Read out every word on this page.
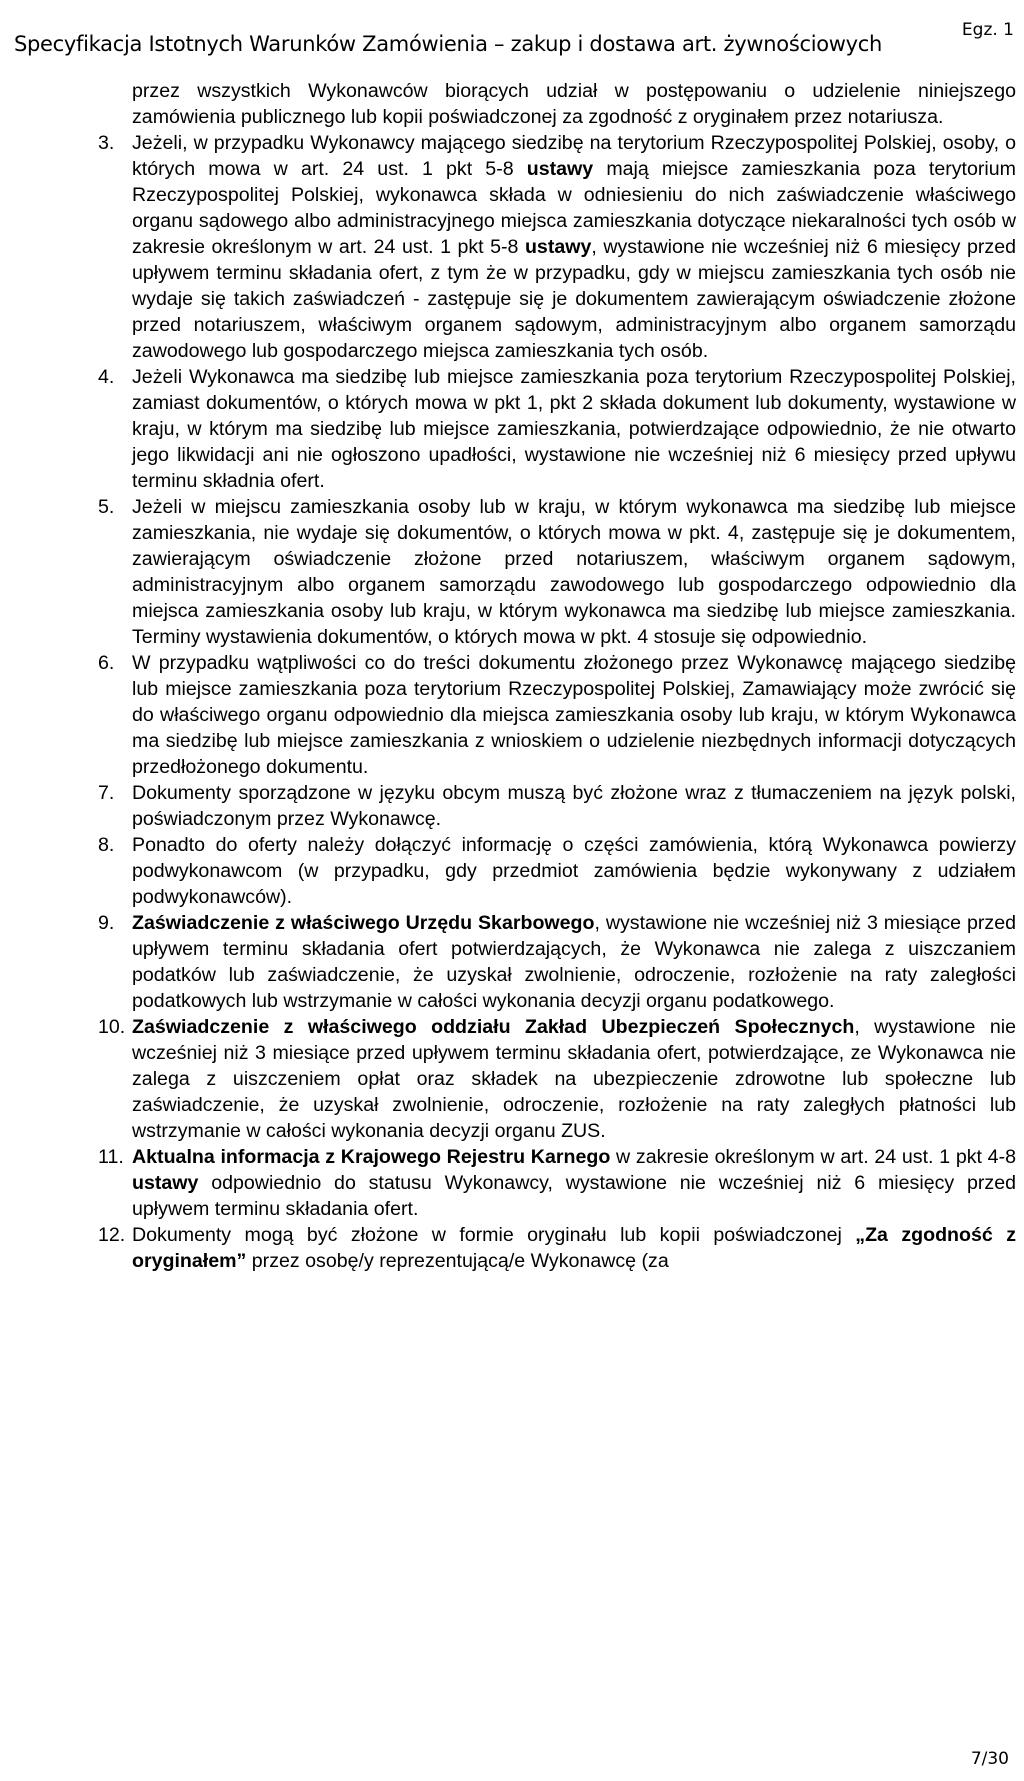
Specyfikacja Istotnych Warunków Zamówienia – zakup i dostawa art. żywnościowych
Egz. 1

przez wszystkich Wykonawców biorących udział w postępowaniu o udzielenie niniejszego zamówienia publicznego lub kopii poświadczonej za zgodność z oryginałem przez notariusza.

3. Jeżeli, w przypadku Wykonawcy mającego siedzibę na terytorium Rzeczypospolitej Polskiej, osoby, o których mowa w art. 24 ust. 1 pkt 5-8 ustawy mają miejsce zamieszkania poza terytorium Rzeczypospolitej Polskiej, wykonawca składa w odniesieniu do nich zaświadczenie właściwego organu sądowego albo administracyjnego miejsca zamieszkania dotyczące niekaralności tych osób w zakresie określonym w art. 24 ust. 1 pkt 5-8 ustawy, wystawione nie wcześniej niż 6 miesięcy przed upływem terminu składania ofert, z tym że w przypadku, gdy w miejscu zamieszkania tych osób nie wydaje się takich zaświadczeń - zastępuje się je dokumentem zawierającym oświadczenie złożone przed notariuszem, właściwym organem sądowym, administracyjnym albo organem samorządu zawodowego lub gospodarczego miejsca zamieszkania tych osób.
4. Jeżeli Wykonawca ma siedzibę lub miejsce zamieszkania poza terytorium Rzeczypospolitej Polskiej, zamiast dokumentów, o których mowa w pkt 1, pkt 2 składa dokument lub dokumenty, wystawione w kraju, w którym ma siedzibę lub miejsce zamieszkania, potwierdzające odpowiednio, że nie otwarto jego likwidacji ani nie ogłoszono upadłości, wystawione nie wcześniej niż 6 miesięcy przed upływu terminu składnia ofert.
5. Jeżeli w miejscu zamieszkania osoby lub w kraju, w którym wykonawca ma siedzibę lub miejsce zamieszkania, nie wydaje się dokumentów, o których mowa w pkt. 4, zastępuje się je dokumentem, zawierającym oświadczenie złożone przed notariuszem, właściwym organem sądowym, administracyjnym albo organem samorządu zawodowego lub gospodarczego odpowiednio dla miejsca zamieszkania osoby lub kraju, w którym wykonawca ma siedzibę lub miejsce zamieszkania. Terminy wystawienia dokumentów, o których mowa w pkt. 4 stosuje się odpowiednio.
6. W przypadku wątpliwości co do treści dokumentu złożonego przez Wykonawcę mającego siedzibę lub miejsce zamieszkania poza terytorium Rzeczypospolitej Polskiej, Zamawiający może zwrócić się do właściwego organu odpowiednio dla miejsca zamieszkania osoby lub kraju, w którym Wykonawca ma siedzibę lub miejsce zamieszkania z wnioskiem o udzielenie niezbędnych informacji dotyczących przedłożonego dokumentu.
7. Dokumenty sporządzone w języku obcym muszą być złożone wraz z tłumaczeniem na język polski, poświadczonym przez Wykonawcę.
8. Ponadto do oferty należy dołączyć informację o części zamówienia, którą Wykonawca powierzy podwykonawcom (w przypadku, gdy przedmiot zamówienia będzie wykonywany z udziałem podwykonawców).
9. Zaświadczenie z właściwego Urzędu Skarbowego, wystawione nie wcześniej niż 3 miesiące przed upływem terminu składania ofert potwierdzających, że Wykonawca nie zalega z uiszczaniem podatków lub zaświadczenie, że uzyskał zwolnienie, odroczenie, rozłożenie na raty zaległości podatkowych lub wstrzymanie w całości wykonania decyzji organu podatkowego.
10. Zaświadczenie z właściwego oddziału Zakład Ubezpieczeń Społecznych, wystawione nie wcześniej niż 3 miesiące przed upływem terminu składania ofert, potwierdzające, ze Wykonawca nie zalega z uiszczeniem opłat oraz składek na ubezpieczenie zdrowotne lub społeczne lub zaświadczenie, że uzyskał zwolnienie, odroczenie, rozłożenie na raty zaległych płatności lub wstrzymanie w całości wykonania decyzji organu ZUS.
11. Aktualna informacja z Krajowego Rejestru Karnego w zakresie określonym w art. 24 ust. 1 pkt 4-8 ustawy odpowiednio do statusu Wykonawcy, wystawione nie wcześniej niż 6 miesięcy przed upływem terminu składania ofert.
12. Dokumenty mogą być złożone w formie oryginału lub kopii poświadczonej „Za zgodność z oryginałem” przez osobę/y reprezentującą/e Wykonawcę (za
7/30
